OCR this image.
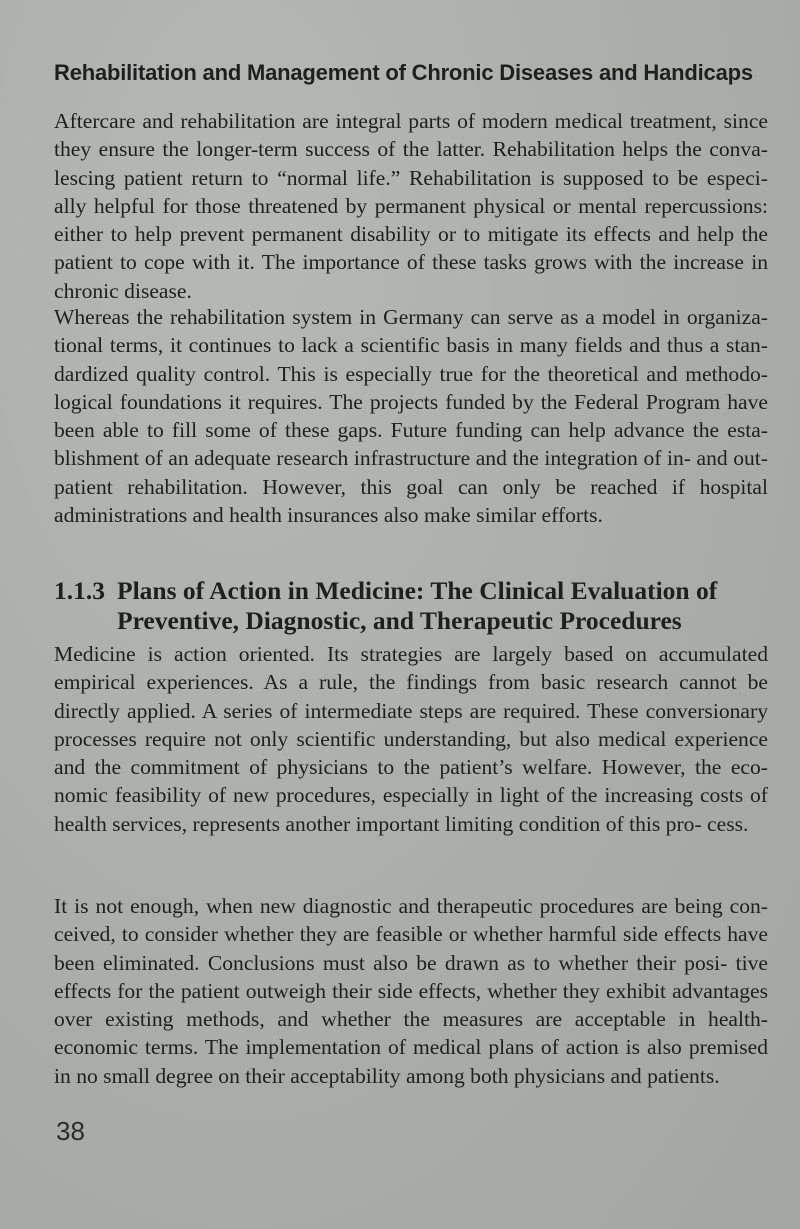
Rehabilitation and Management of Chronic Diseases and Handicaps

Aftercare and rehabilitation are integral parts of modern medical treatment, since they ensure the longer-term success of the latter. Rehabilitation helps the conva- lescing patient return to “normal life.” Rehabilitation is supposed to be especi- ally helpful for those threatened by permanent physical or mental repercussions: either to help prevent permanent disability or to mitigate its effects and help the patient to cope with it. The importance of these tasks grows with the increase in chronic disease.

Whereas the rehabilitation system in Germany can serve as a model in organiza- tional terms, it continues to lack a scientific basis in many fields and thus a stan- dardized quality control. This is especially true for the theoretical and methodo- logical foundations it requires. The projects funded by the Federal Program have been able to fill some of these gaps. Future funding can help advance the esta- blishment of an adequate research infrastructure and the integration of in- and out-patient rehabilitation. However, this goal can only be reached if hospital administrations and health insurances also make similar efforts.

1.1.3 Plans of Action in Medicine: The Clinical Evaluation of
Preventive, Diagnostic, and Therapeutic Procedures

Medicine is action oriented. Its strategies are largely based on accumulated empirical experiences. As a rule, the findings from basic research cannot be directly applied. A series of intermediate steps are required. These conversionary processes require not only scientific understanding, but also medical experience and the commitment of physicians to the patient’s welfare. However, the eco- nomic feasibility of new procedures, especially in light of the increasing costs of health services, represents another important limiting condition of this pro- cess.

It is not enough, when new diagnostic and therapeutic procedures are being con- ceived, to consider whether they are feasible or whether harmful side effects have been eliminated. Conclusions must also be drawn as to whether their posi- tive effects for the patient outweigh their side effects, whether they exhibit advantages over existing methods, and whether the measures are acceptable in health-economic terms. The implementation of medical plans of action is also premised in no small degree on their acceptability among both physicians and patients.

38
